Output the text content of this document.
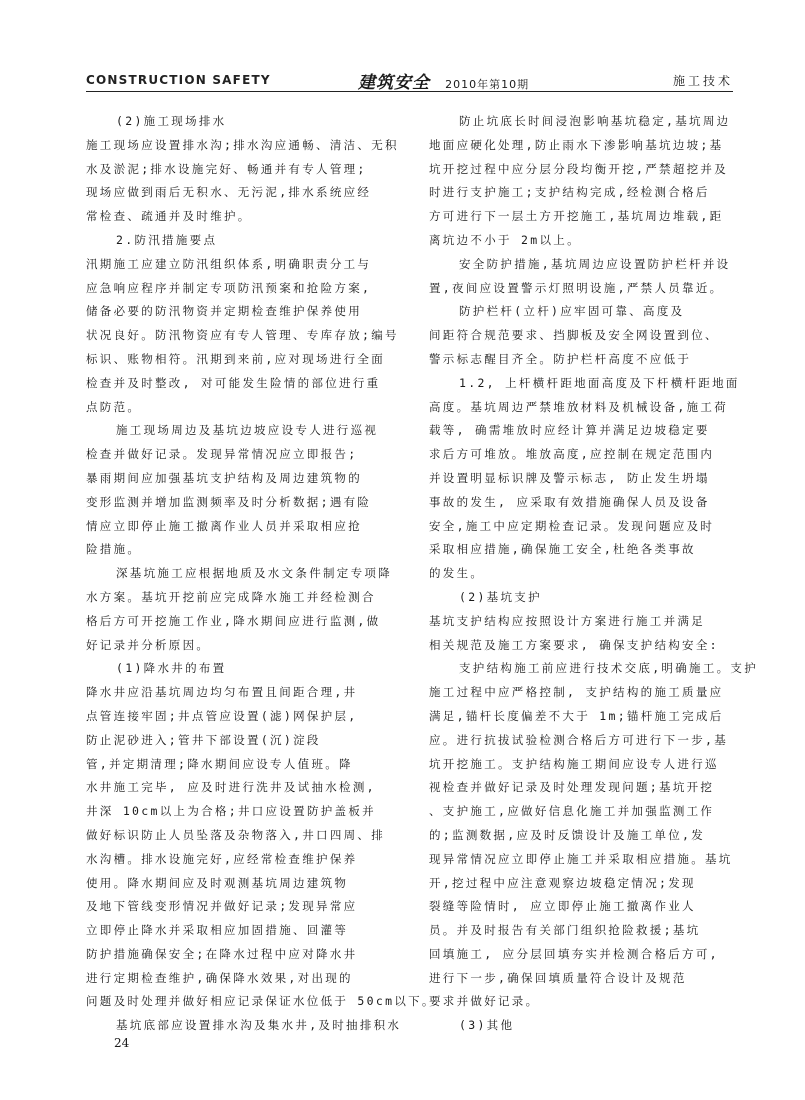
CONSTRUCTION SAFETY	建筑安全 2010年第10期	施工技术
(2)施工现场排水
施工现场应设置排水沟;排水沟应通畅、清洁、无积
水及淤泥;排水设施完好、畅通并有专人管理;
现场应做到雨后无积水、无污泥,排水系统应经
常检查、疏通并及时维护。
2.防汛措施要点
汛期施工应建立防汛组织体系,明确职责分工与
应急响应程序并制定专项防汛预案和抢险方案,
储备必要的防汛物资并定期检查维护保养使用
状况良好。防汛物资应有专人管理、专库存放;编号
标识、账物相符。汛期到来前,应对现场进行全面
检查并及时整改, 对可能发生险情的部位进行重
点防范。
施工现场周边及基坑边坡应设专人进行巡视
检查并做好记录。发现异常情况应立即报告;
暴雨期间应加强基坑支护结构及周边建筑物的
变形监测并增加监测频率及时分析数据;遇有险
情应立即停止施工撤离作业人员并采取相应抢
险措施。
深基坑施工应根据地质及水文条件制定专项降
水方案。基坑开挖前应完成降水施工并经检测合
格后方可开挖施工作业,降水期间应进行监测,做
好记录并分析原因。
(1)降水井的布置
降水井应沿基坑周边均匀布置且间距合理,井
点管连接牢固;井点管应设置(滤)网保护层,
防止泥砂进入;管井下部设置(沉)淀段
管,并定期清理;降水期间应设专人值班。降
水井施工完毕, 应及时进行洗井及试抽水检测,
井深 10cm以上为合格;井口应设置防护盖板并
做好标识防止人员坠落及杂物落入,井口四周、排
水沟槽。排水设施完好,应经常检查维护保养
使用。降水期间应及时观测基坑周边建筑物
及地下管线变形情况并做好记录;发现异常应
立即停止降水并采取相应加固措施、回灌等
防护措施确保安全;在降水过程中应对降水井
进行定期检查维护,确保降水效果,对出现的
问题及时处理并做好相应记录保证水位低于 50cm以下。
基坑底部应设置排水沟及集水井,及时抽排积水
防止坑底长时间浸泡影响基坑稳定,基坑周边
地面应硬化处理,防止雨水下渗影响基坑边坡;基
坑开挖过程中应分层分段均衡开挖,严禁超挖并及
时进行支护施工;支护结构完成,经检测合格后
方可进行下一层土方开挖施工,基坑周边堆载,距
离坑边不小于 2m以上。
安全防护措施,基坑周边应设置防护栏杆并设
置,夜间应设置警示灯照明设施,严禁人员靠近。
防护栏杆(立杆)应牢固可靠、高度及
间距符合规范要求、挡脚板及安全网设置到位、
警示标志醒目齐全。防护栏杆高度不应低于
1.2, 上杆横杆距地面高度及下杆横杆距地面
高度。基坑周边严禁堆放材料及机械设备,施工荷
载等, 确需堆放时应经计算并满足边坡稳定要
求后方可堆放。堆放高度,应控制在规定范围内
并设置明显标识牌及警示标志, 防止发生坍塌
事故的发生, 应采取有效措施确保人员及设备
安全,施工中应定期检查记录。发现问题应及时
采取相应措施,确保施工安全,杜绝各类事故
的发生。
(2)基坑支护
基坑支护结构应按照设计方案进行施工并满足
相关规范及施工方案要求, 确保支护结构安全:
支护结构施工前应进行技术交底,明确施工。支护
施工过程中应严格控制, 支护结构的施工质量应
满足,锚杆长度偏差不大于 1m;锚杆施工完成后
应。进行抗拔试验检测合格后方可进行下一步,基
坑开挖施工。支护结构施工期间应设专人进行巡
视检查并做好记录及时处理发现问题;基坑开挖
、支护施工,应做好信息化施工并加强监测工作
的;监测数据,应及时反馈设计及施工单位,发
现异常情况应立即停止施工并采取相应措施。基坑
开,挖过程中应注意观察边坡稳定情况;发现
裂缝等险情时, 应立即停止施工撤离作业人
员。并及时报告有关部门组织抢险救援;基坑
回填施工, 应分层回填夯实并检测合格后方可,
进行下一步,确保回填质量符合设计及规范
要求并做好记录。
(3)其他
24
